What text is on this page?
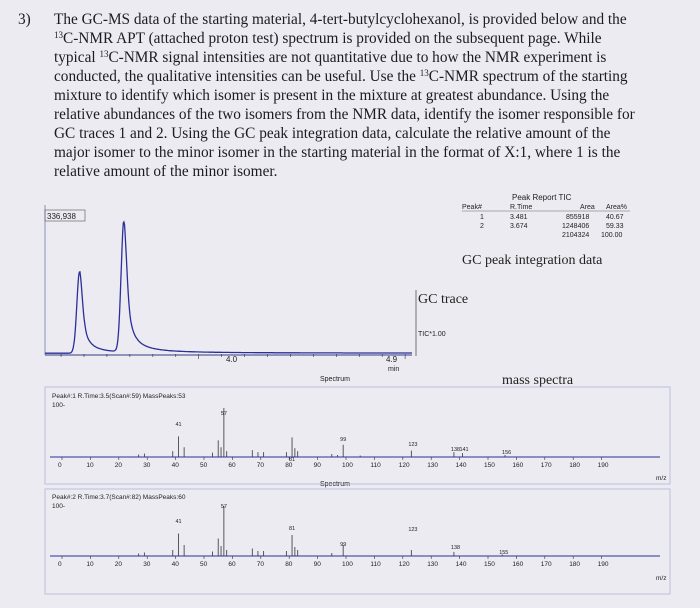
3) The GC-MS data of the starting material, 4-tert-butylcyclohexanol, is provided below and the

$^{13}$C-NMR APT (attached proton test) spectrum is provided on the subsequent page. While

typical $^{13}$C-NMR signal intensities are not quantitative due to how the NMR experiment is

conducted, the qualitative intensities can be useful. Use the $^{13}$C-NMR spectrum of the starting

mixture to identify which isomer is present in the mixture at greatest abundance. Using the

relative abundances of the two isomers from the NMR data, identify the isomer responsible for

GC traces 1 and 2. Using the GC peak integration data, calculate the relative amount of the

major isomer to the minor isomer in the starting material in the format of X:1, where 1 is the

relative amount of the minor isomer.

336,938
4.0	4.9
min
TIC*1.00
GC trace
Peak Report TIC
Peak#	R.Time	Area Area%
1	3.481	855918 40.67
2	3.674	1248406 59.33
2104324 100.00
GC peak integration data
mass spectra
Spectrum
Spectrum
Peak#:1 R.Time:3.5(Scan#:59) MassPeaks:53
100-
41
57
81
99
123
138 141	156
0	10	20	30	40	50	60	70	80	90	100	110	120	130	140	150	160	170	180	190
m/z
Peak#:2 R.Time:3.7(Scan#:82) MassPeaks:60
100-
41
57
81
99
123
138
155
0	10	20	30	40	50	60	70	80	90	100	110	120	130	140	150	160	170	180	190
m/z
